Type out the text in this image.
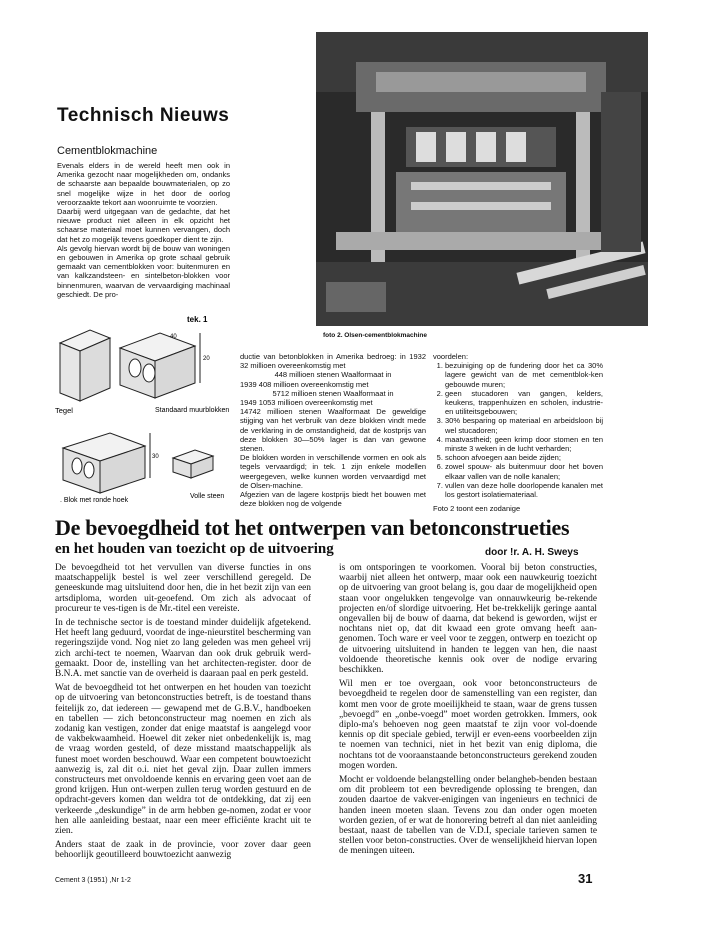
Technisch Nieuws
Cementblokmachine

Evenals elders in de wereld heeft men ook in Amerika gezocht naar mogelijkheden om, ondanks de schaarste aan bepaalde bouwmaterialen, op zo snel mogelijke wijze in het door de oorlog veroorzaakte tekort aan woonruimte te voorzien.

Daarbij werd uitgegaan van de gedachte, dat het nieuwe product niet alleen in elk opzicht het schaarse materiaal moet kunnen vervangen, doch dat het zo mogelijk tevens goedkoper dient te zijn.

Als gevolg hiervan wordt bij de bouw van woningen en gebouwen in Amerika op grote schaal gebruik gemaakt van cementblokken voor: buitenmuren en van kalkzandsteen- en sintelbeton-blokken voor binnenmuren, waarvan de vervaardiging machinaal geschiedt. De pro-

foto 2. Olsen-cementblokmachine
tek. 1
Tegel	Standaard muurblokken
. Blok met ronde hoek
Volle steen
20
30
40

ductie van betonblokken in Amerika bedroeg: in 1932 32 millioen overeenkomstig met

448 millioen stenen Waalformaat in

1939 408 millioen overeenkomstig met

5712 millioen stenen Waalformaat in

1949 1053 millioen overeenkomstig met

14742 millioen stenen Waalformaat De geweldige stijging van het verbruik van deze blokken vindt mede de verklaring in de omstandigheid, dat de kostprijs van deze blokken 30—50% lager is dan van gewone stenen.

De blokken worden in verschillende vormen en ook als tegels vervaardigd; in tek. 1 zijn enkele modellen weergegeven, welke kunnen worden vervaardigd met de Olsen-machine.

Afgezien van de lagere kostprijs biedt het bouwen met deze blokken nog de volgende

voordelen:

1. bezuiniging op de fundering door het ca 30% lagere gewicht van de met cementblok-ken gebouwde muren;
2. geen stucadoren van gangen, kelders, keukens, trappenhuizen en scholen, industrie- en utiliteitsgebouwen;
3. 30% besparing op materiaal en arbeidsloon bij wel stucadoren;
4. maatvastheid; geen krimp door stomen en ten minste 3 weken in de lucht verharden;
5. schoon afvoegen aan beide zijden;
6. zowel spouw- als buitenmuur door het boven elkaar vallen van de nolle kanalen;
7. vullen van deze holle doorlopende kanalen met los gestort isolatiemateriaal.

Foto 2 toont een zodanige

De bevoegdheid tot het ontwerpen van betonconstrueties
en het houden van toezicht op de uitvoering	door !r. A. H. Sweys

De bevoegdheid tot het vervullen van diverse functies in ons maatschappelijk bestel is wel zeer verschillend geregeld. De geneeskunde mag uitsluitend door hen, die in het bezit zijn van een artsdiploma, worden uit-geoefend. Om zich als advocaat of procureur te ves-tigen is de Mr.-titel een vereiste.

In de technische sector is de toestand minder duidelijk afgetekend. Het heeft lang geduurd, voordat de inge-nieurstitel bescherming van regeringszijde vond. Nog niet zo lang geleden was men geheel vrij zich archi-tect te noemen, Waarvan dan ook druk gebruik werd-gemaakt. Door de, instelling van het architecten-register. door de B.N.A. met sanctie van de overheid is daaraan paal en perk gesteld.

Wat de bevoegdheid tot het ontwerpen en het houden van toezicht op de uitvoering van betonconstructies betreft, is de toestand thans feitelijk zo, dat iedereen — gewapend met de G.B.V., handboeken en tabellen — zich betonconstructeur mag noemen en zich als zodanig kan vestigen, zonder dat enige maatstaf is aangelegd voor de vakbekwaamheid. Hoewel dit zeker niet onbedenkelijk is, mag de vraag worden gesteld, of deze misstand maatschappelijk als funest moet worden beschouwd. Waar een competent bouwtoezicht aanwezig is, zal dit o.i. niet het geval zijn. Daar zullen immers constructeurs met onvoldoende kennis en ervaring geen voet aan de grond krijgen. Hun ont-werpen zullen terug worden gestuurd en de opdracht-gevers komen dan weldra tot de ontdekking, dat zij een verkeerde „deskundige” in de arm hebben ge-nomen, zodat er voor hen alle aanleiding bestaat, naar een meer efficiënte kracht uit te zien.

Anders staat de zaak in de provincie, voor zover daar geen behoorlijk geoutilleerd bouwtoezicht aanwezig

is om ontsporingen te voorkomen. Vooral bij beton constructies, waarbij niet alleen het ontwerp, maar ook een nauwkeurig toezicht op de uitvoering van groot belang is, gou daar de mogelijkheid open staan voor ongelukken tengevolge van onnauwkeurig be-rekende projecten en/of slordige uitvoering. Het be-trekkelijk geringe aantal ongevallen bij de bouw of daarna, dat bekend is geworden, wijst er nochtans niet op, dat dit kwaad een grote omvang heeft aan-genomen. Toch ware er veel voor te zeggen, ontwerp en toezicht op de uitvoering uitsluitend in handen te leggen van hen, die naast voldoende theoretische kennis ook over de nodige ervaring beschikken.

Wil men er toe overgaan, ook voor betonconstructeurs de bevoegdheid te regelen door de samenstelling van een register, dan komt men voor de grote moeilijkheid te staan, waar de grens tussen „bevoegd” en „onbe-voegd” moet worden getrokken. Immers, ook diplo-ma's behoeven nog geen maatstaf te zijn voor vol-doende kennis op dit speciale gebied, terwijl er even-eens voorbeelden zijn te noemen van technici, niet in het bezit van enig diploma, die nochtans tot de vooraanstaande betonconstructeurs gerekend zouden mogen worden.

Mocht er voldoende belangstelling onder belangheb-benden bestaan om dit probleem tot een bevredigende oplossing te brengen, dan zouden daartoe de vakver-enigingen van ingenieurs en technici de handen ineen moeten slaan. Tevens zou dan onder ogen moeten worden gezien, of er wat de honorering betreft al dan niet aanleiding bestaat, naast de tabellen van de V.D.I, speciale tarieven samen te stellen voor beton-constructies. Over de wenselijkheid hiervan lopen de meningen uiteen.

Cement 3 (1951) ,Nr 1-2	31
